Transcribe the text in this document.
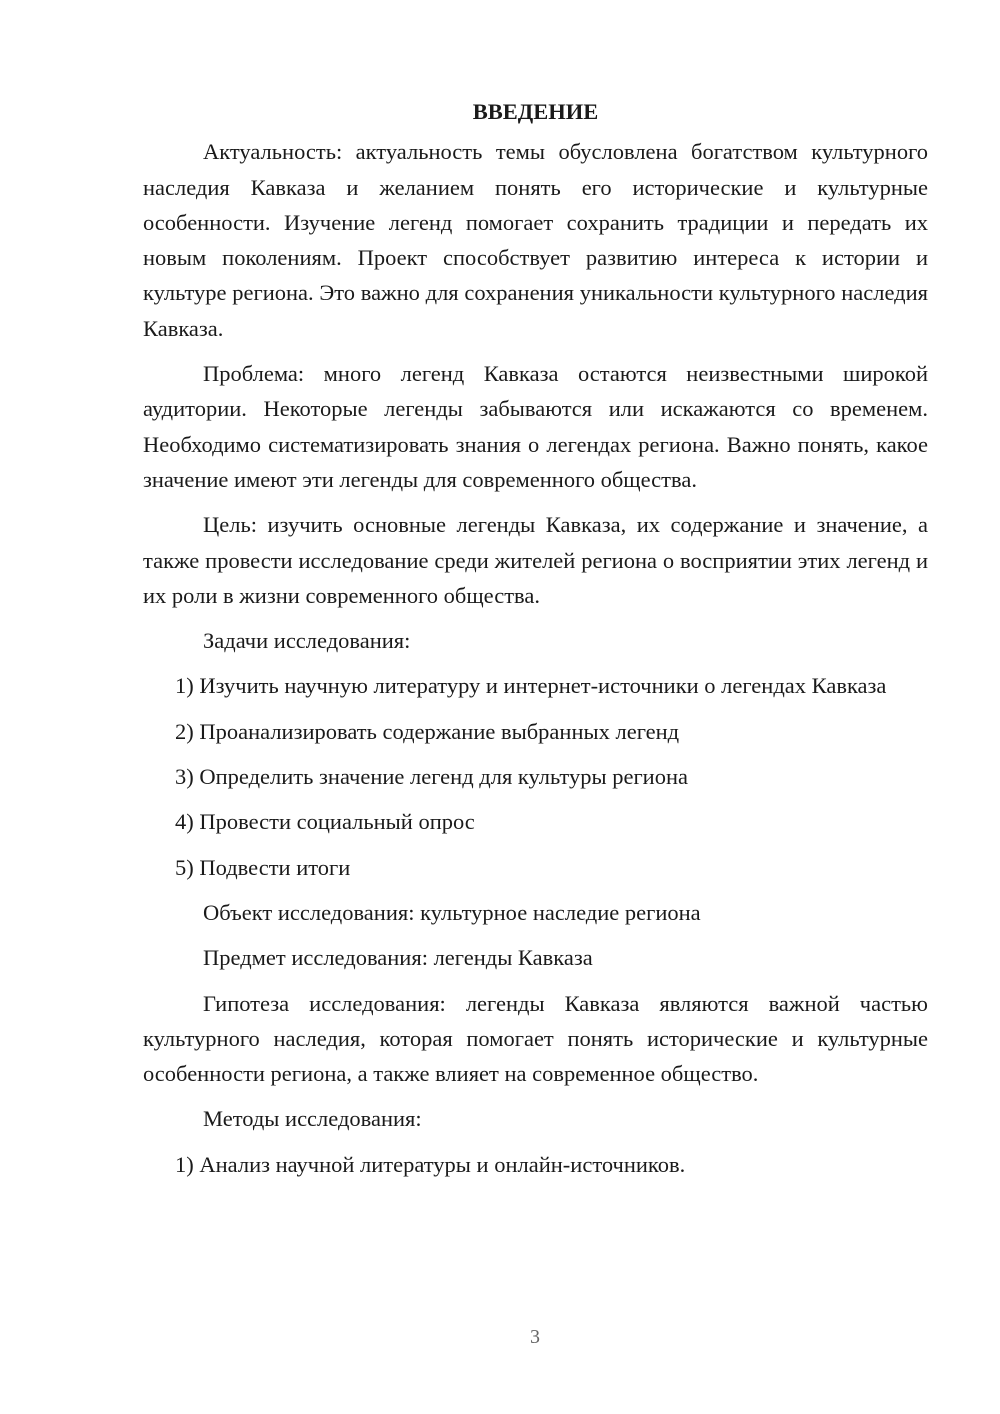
ВВЕДЕНИЕ

Актуальность: актуальность темы обусловлена богатством культурного наследия Кавказа и желанием понять его исторические и культурные особенности. Изучение легенд помогает сохранить традиции и передать их новым поколениям. Проект способствует развитию интереса к истории и культуре региона. Это важно для сохранения уникальности культурного наследия Кавказа.

Проблема: много легенд Кавказа остаются неизвестными широкой аудитории. Некоторые легенды забываются или искажаются со временем. Необходимо систематизировать знания о легендах региона. Важно понять, какое значение имеют эти легенды для современного общества.

Цель: изучить основные легенды Кавказа, их содержание и значение, а также провести исследование среди жителей региона о восприятии этих легенд и их роли в жизни современного общества.

Задачи исследования:

1) Изучить научную литературу и интернет-источники о легендах Кавказа

2) Проанализировать содержание выбранных легенд

3) Определить значение легенд для культуры региона

4) Провести социальный опрос

5) Подвести итоги

Объект исследования: культурное наследие региона

Предмет исследования: легенды Кавказа

Гипотеза исследования: легенды Кавказа являются важной частью культурного наследия, которая помогает понять исторические и культурные особенности региона, а также влияет на современное общество.

Методы исследования:

1) Анализ научной литературы и онлайн-источников.

3
